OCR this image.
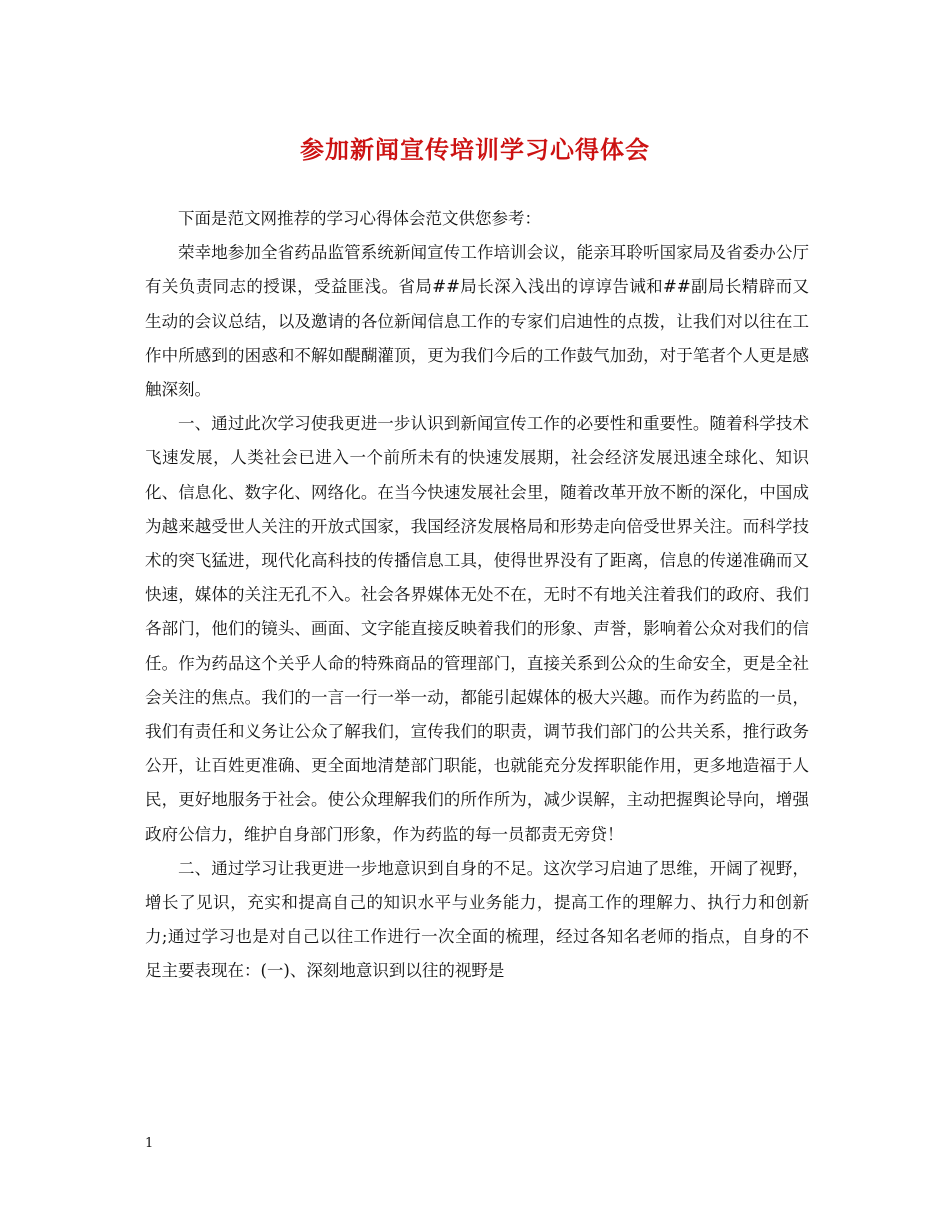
参加新闻宣传培训学习心得体会

下面是范文网推荐的学习心得体会范文供您参考：

荣幸地参加全省药品监管系统新闻宣传工作培训会议，能亲耳聆听国家局及省委办公厅有关负责同志的授课，受益匪浅。省局##局长深入浅出的谆谆告诫和##副局长精辟而又生动的会议总结，以及邀请的各位新闻信息工作的专家们启迪性的点拨，让我们对以往在工作中所感到的困惑和不解如醍醐灌顶，更为我们今后的工作鼓气加劲，对于笔者个人更是感触深刻。

一、通过此次学习使我更进一步认识到新闻宣传工作的必要性和重要性。随着科学技术飞速发展，人类社会已进入一个前所未有的快速发展期，社会经济发展迅速全球化、知识化、信息化、数字化、网络化。在当今快速发展社会里，随着改革开放不断的深化，中国成为越来越受世人关注的开放式国家，我国经济发展格局和形势走向倍受世界关注。而科学技术的突飞猛进，现代化高科技的传播信息工具，使得世界没有了距离，信息的传递准确而又快速，媒体的关注无孔不入。社会各界媒体无处不在，无时不有地关注着我们的政府、我们各部门，他们的镜头、画面、文字能直接反映着我们的形象、声誉，影响着公众对我们的信任。作为药品这个关乎人命的特殊商品的管理部门，直接关系到公众的生命安全，更是全社会关注的焦点。我们的一言一行一举一动，都能引起媒体的极大兴趣。而作为药监的一员，我们有责任和义务让公众了解我们，宣传我们的职责，调节我们部门的公共关系，推行政务公开，让百姓更准确、更全面地清楚部门职能，也就能充分发挥职能作用，更多地造福于人民，更好地服务于社会。使公众理解我们的所作所为，减少误解，主动把握舆论导向，增强政府公信力，维护自身部门形象，作为药监的每一员都责无旁贷！

二、通过学习让我更进一步地意识到自身的不足。这次学习启迪了思维，开阔了视野，增长了见识，充实和提高自己的知识水平与业务能力，提高工作的理解力、执行力和创新力;通过学习也是对自己以往工作进行一次全面的梳理，经过各知名老师的指点，自身的不足主要表现在：(一)、深刻地意识到以往的视野是

1
